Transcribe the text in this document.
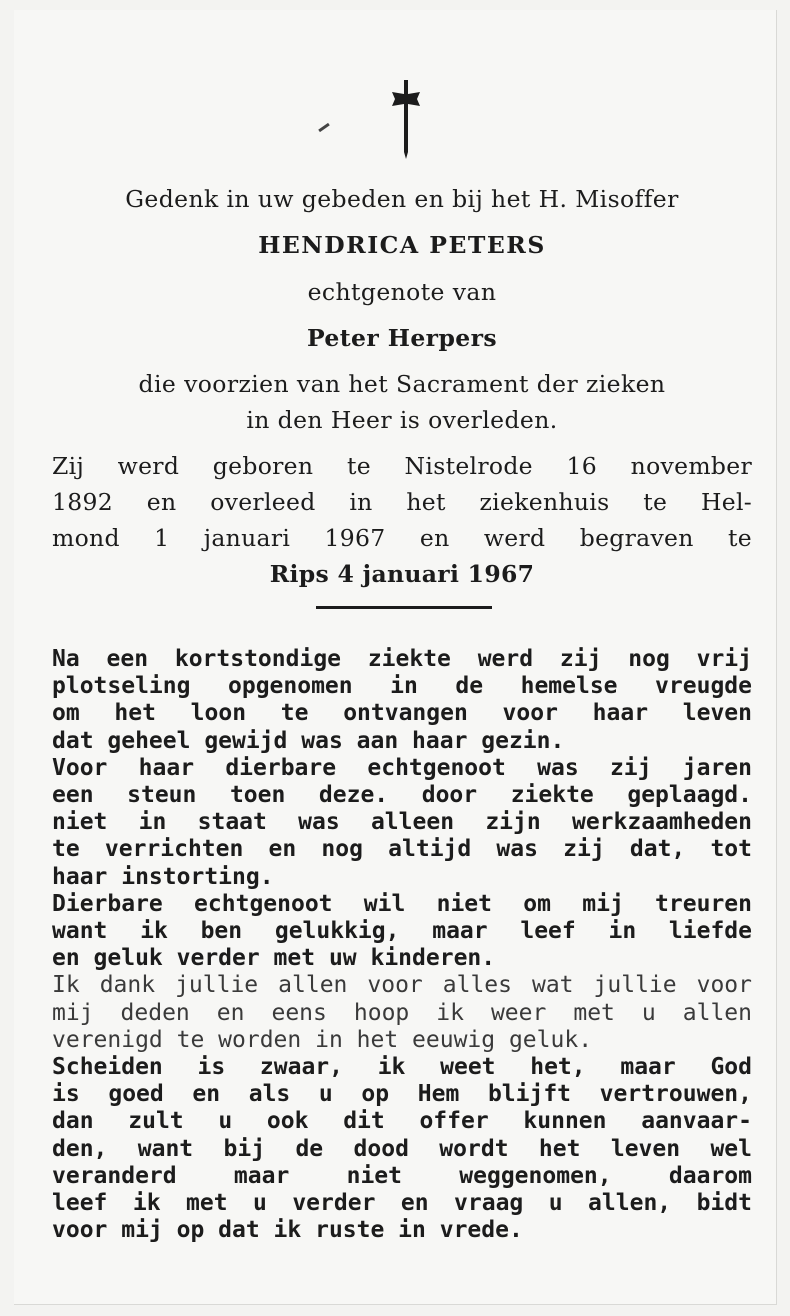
Gedenk in uw gebeden en bij het H. Misoffer
HENDRICA PETERS
echtgenote van
Peter Herpers
die voorzien van het Sacrament der zieken
in den Heer is overleden.
Zij werd geboren te Nistelrode 16 november
1892 en overleed in het ziekenhuis te Hel-
mond 1 januari 1967 en werd begraven te
Rips 4 januari 1967
Na een kortstondige ziekte werd zij nog vrij
plotseling opgenomen in de hemelse vreugde
om het loon te ontvangen voor haar leven
dat geheel gewijd was aan haar gezin.
Voor haar dierbare echtgenoot was zij jaren
een steun toen deze. door ziekte geplaagd.
niet in staat was alleen zijn werkzaamheden
te verrichten en nog altijd was zij dat, tot
haar instorting.
Dierbare echtgenoot wil niet om mij treuren
want ik ben gelukkig, maar leef in liefde
en geluk verder met uw kinderen.
Ik dank jullie allen voor alles wat jullie voor
mij deden en eens hoop ik weer met u allen
verenigd te worden in het eeuwig geluk.
Scheiden is zwaar, ik weet het, maar God
is goed en als u op Hem blijft vertrouwen,
dan zult u ook dit offer kunnen aanvaar-
den, want bij de dood wordt het leven wel
veranderd maar niet weggenomen, daarom
leef ik met u verder en vraag u allen, bidt
voor mij op dat ik ruste in vrede.
